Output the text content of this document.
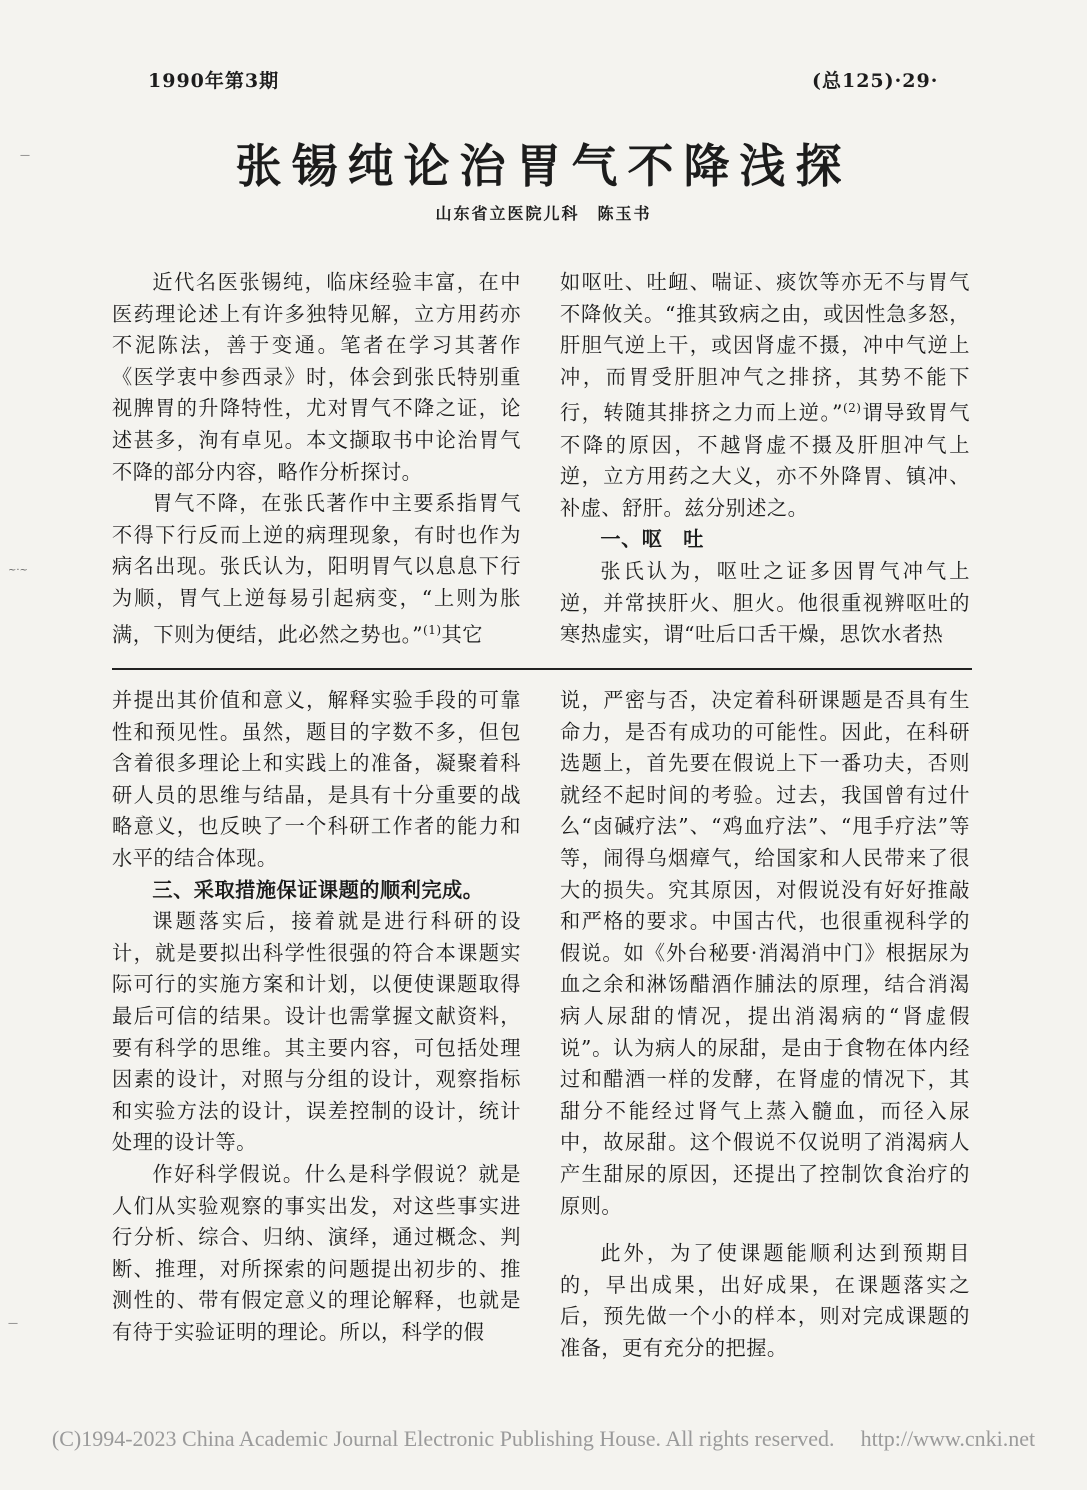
1990年第3期	(总125)·29·
—
~·~
—
张锡纯论治胃气不降浅探
山东省立医院儿科　陈玉书

近代名医张锡纯，临床经验丰富，在中医药理论述上有许多独特见解，立方用药亦不泥陈法，善于变通。笔者在学习其著作《医学衷中参西录》时，体会到张氏特别重视脾胃的升降特性，尤对胃气不降之证，论述甚多，洵有卓见。本文撷取书中论治胃气不降的部分内容，略作分析探讨。

胃气不降，在张氏著作中主要系指胃气不得下行反而上逆的病理现象，有时也作为病名出现。张氏认为，阳明胃气以息息下行为顺，胃气上逆每易引起病变，“上则为胀满，下则为便结，此必然之势也。”$^{(1)}$其它

如呕吐、吐衄、喘证、痰饮等亦无不与胃气不降攸关。“推其致病之由，或因性急多怒，肝胆气逆上干，或因肾虚不摄，冲中气逆上冲，而胃受肝胆冲气之排挤，其势不能下行，转随其排挤之力而上逆。”$^{(2)}$谓导致胃气不降的原因，不越肾虚不摄及肝胆冲气上逆，立方用药之大义，亦不外降胃、镇冲、补虚、舒肝。兹分别述之。

一、呕　吐

张氏认为，呕吐之证多因胃气冲气上逆，并常挟肝火、胆火。他很重视辨呕吐的寒热虚实，谓“吐后口舌干燥，思饮水者热

并提出其价值和意义，解释实验手段的可靠性和预见性。虽然，题目的字数不多，但包含着很多理论上和实践上的准备，凝聚着科研人员的思维与结晶，是具有十分重要的战略意义，也反映了一个科研工作者的能力和水平的结合体现。

三、采取措施保证课题的顺利完成。

课题落实后，接着就是进行科研的设计，就是要拟出科学性很强的符合本课题实际可行的实施方案和计划，以便使课题取得最后可信的结果。设计也需掌握文献资料，要有科学的思维。其主要内容，可包括处理因素的设计，对照与分组的设计，观察指标和实验方法的设计，误差控制的设计，统计处理的设计等。

作好科学假说。什么是科学假说？就是人们从实验观察的事实出发，对这些事实进行分析、综合、归纳、演绎，通过概念、判断、推理，对所探索的问题提出初步的、推测性的、带有假定意义的理论解释，也就是有待于实验证明的理论。所以，科学的假

说，严密与否，决定着科研课题是否具有生命力，是否有成功的可能性。因此，在科研选题上，首先要在假说上下一番功夫，否则就经不起时间的考验。过去，我国曾有过什么“卤碱疗法”、“鸡血疗法”、“甩手疗法”等等，闹得乌烟瘴气，给国家和人民带来了很大的损失。究其原因，对假说没有好好推敲和严格的要求。中国古代，也很重视科学的假说。如《外台秘要·消渴消中门》根据尿为血之余和淋饧醋酒作脯法的原理，结合消渴病人尿甜的情况，提出消渴病的“肾虚假说”。认为病人的尿甜，是由于食物在体内经过和醋酒一样的发酵，在肾虚的情况下，其甜分不能经过肾气上蒸入髓血，而径入尿中，故尿甜。这个假说不仅说明了消渴病人产生甜尿的原因，还提出了控制饮食治疗的原则。

此外，为了使课题能顺利达到预期目的，早出成果，出好成果，在课题落实之后，预先做一个小的样本，则对完成课题的准备，更有充分的把握。

(C)1994-2023 China Academic Journal Electronic Publishing House. All rights reserved. http://www.cnki.net
